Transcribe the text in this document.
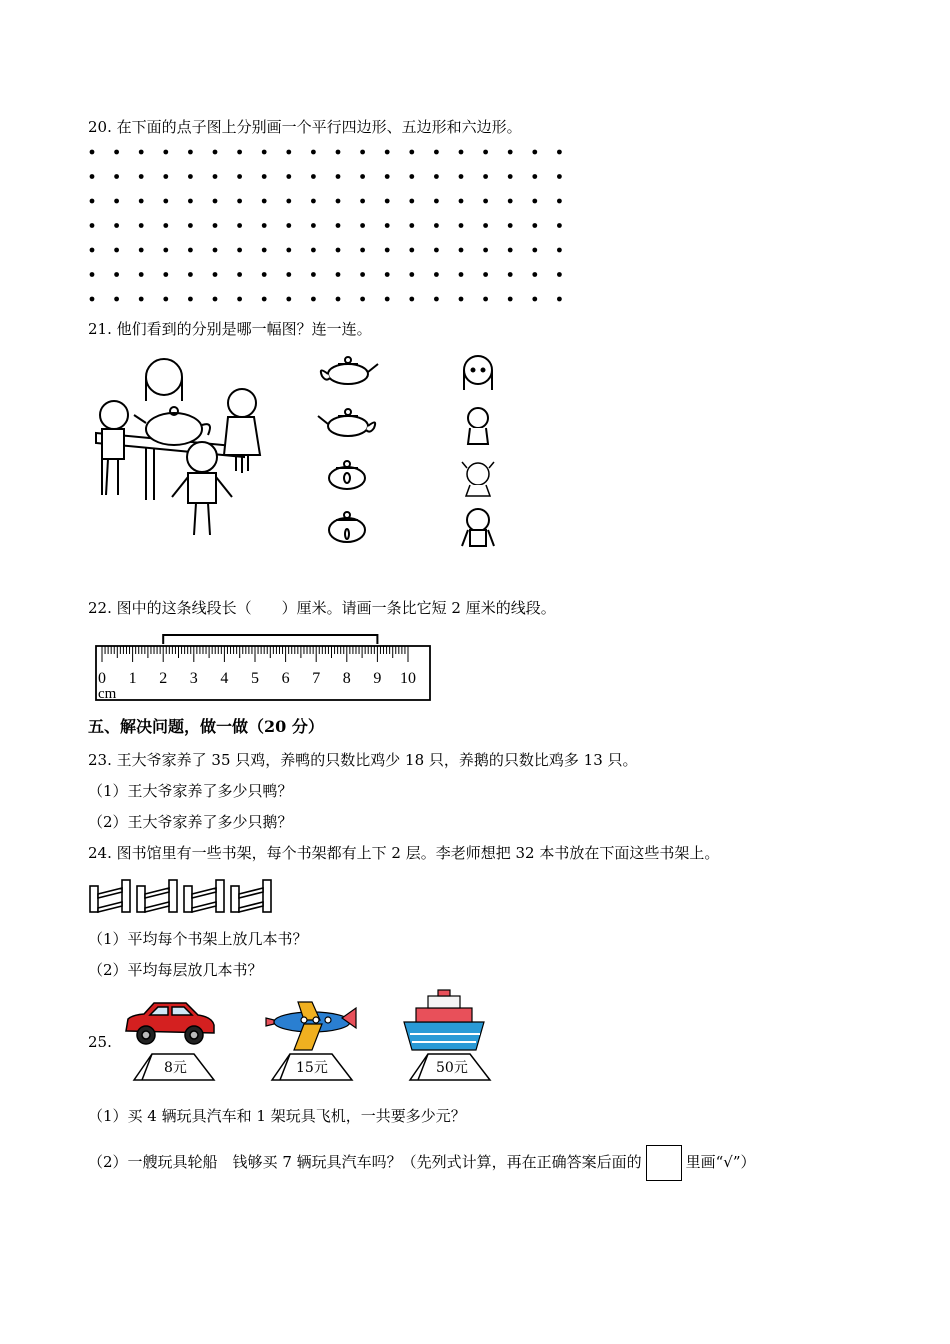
20. 在下面的点子图上分别画一个平行四边形、五边形和六边形。
21. 他们看到的分别是哪一幅图？连一连。
22. 图中的这条线段长（　　）厘米。请画一条比它短 2 厘米的线段。
0 1 2 3 4 5 6 7 8 9 10
cm
五、解决问题，做一做（20 分）
23. 王大爷家养了 35 只鸡，养鸭的只数比鸡少 18 只，养鹅的只数比鸡多 13 只。
（1）王大爷家养了多少只鸭？
（2）王大爷家养了多少只鹅？
24. 图书馆里有一些书架，每个书架都有上下 2 层。李老师想把 32 本书放在下面这些书架上。
（1）平均每个书架上放几本书？
（2）平均每层放几本书？
25.
8元	15元	50元
（1）买 4 辆玩具汽车和 1 架玩具飞机，一共要多少元？
（2）一艘玩具轮船　钱够买 7 辆玩具汽车吗？（先列式计算，再在正确答案后面的	里画“√”）
